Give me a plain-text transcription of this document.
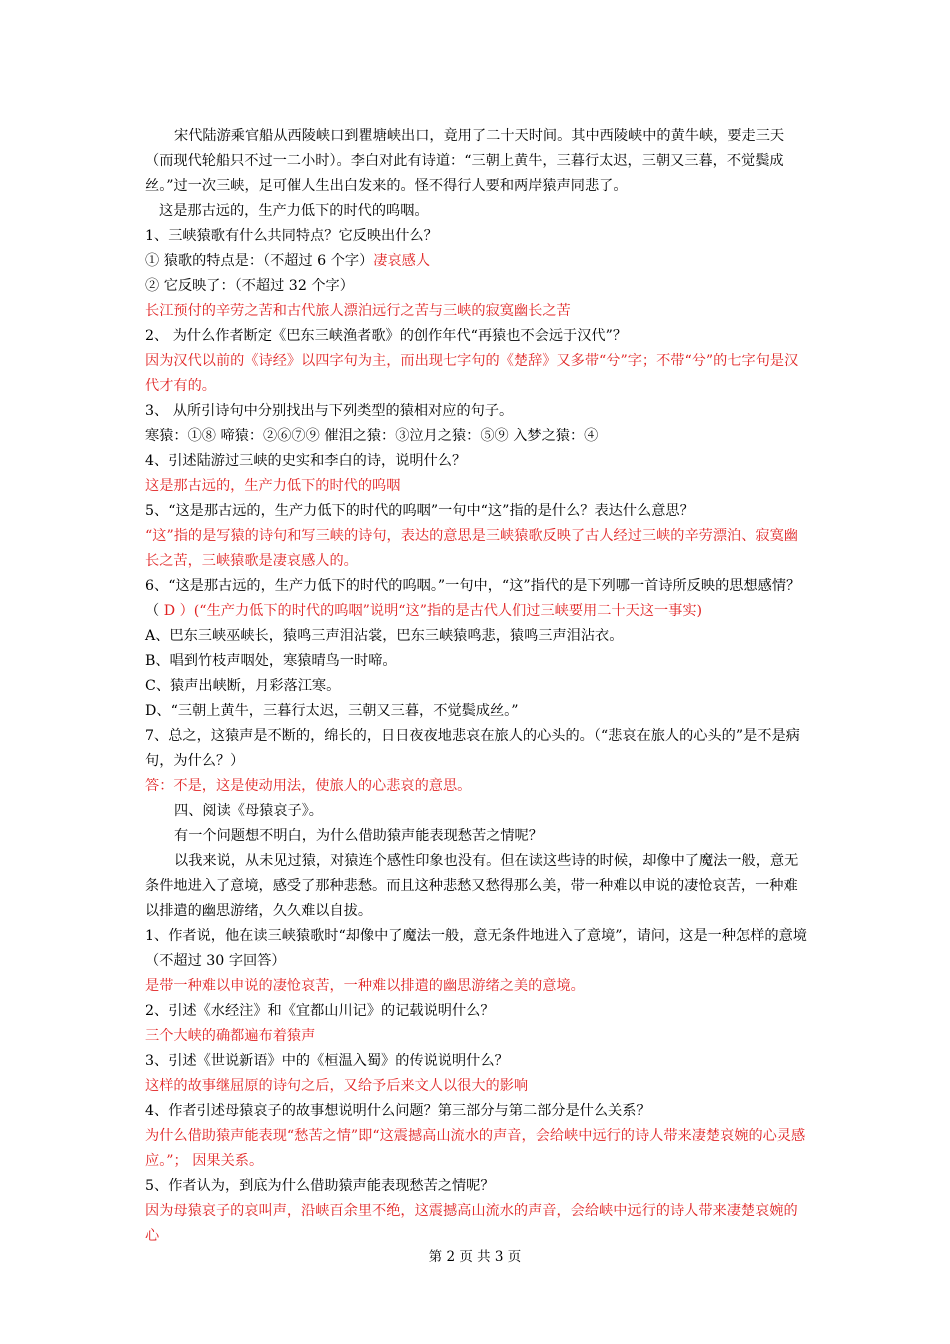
宋代陆游乘官船从西陵峡口到瞿塘峡出口，竟用了二十天时间。其中西陵峡中的黄牛峡，要走三天（而现代轮船只不过一二小时）。李白对此有诗道：“三朝上黄牛，三暮行太迟，三朝又三暮，不觉鬓成丝。”过一次三峡，足可催人生出白发来的。怪不得行人要和两岸猿声同悲了。

这是那古远的，生产力低下的时代的呜咽。

1、三峡猿歌有什么共同特点？它反映出什么？

① 猿歌的特点是：（不超过 6 个字）凄哀感人

② 它反映了：（不超过 32 个字）

长江预付的辛劳之苦和古代旅人漂泊远行之苦与三峡的寂寞幽长之苦

2、 为什么作者断定《巴东三峡渔者歌》的创作年代“再猿也不会远于汉代”？

因为汉代以前的《诗经》以四字句为主，而出现七字句的《楚辞》又多带“兮”字；不带“兮”的七字句是汉代才有的。

3、 从所引诗句中分别找出与下列类型的猿相对应的句子。

寒猿：①⑧ 啼猿：②⑥⑦⑨ 催泪之猿：③泣月之猿：⑤⑨ 入梦之猿：④

4、引述陆游过三峡的史实和李白的诗，说明什么？

这是那古远的，生产力低下的时代的呜咽

5、“这是那古远的，生产力低下的时代的呜咽”一句中“这”指的是什么？表达什么意思？

“这”指的是写猿的诗句和写三峡的诗句，表达的意思是三峡猿歌反映了古人经过三峡的辛劳漂泊、寂寞幽长之苦，三峡猿歌是凄哀感人的。

6、“这是那古远的，生产力低下的时代的呜咽。”一句中，“这”指代的是下列哪一首诗所反映的思想感情？

（ D ）(“生产力低下的时代的呜咽”说明“这”指的是古代人们过三峡要用二十天这一事实)

A、巴东三峡巫峡长，猿鸣三声泪沾裳，巴东三峡猿鸣悲，猿鸣三声泪沾衣。

B、唱到竹枝声咽处，寒猿晴鸟一时啼。

C、猿声出峡断，月彩落江寒。

D、“三朝上黄牛，三暮行太迟，三朝又三暮，不觉鬓成丝。”

7、总之，这猿声是不断的，绵长的，日日夜夜地悲哀在旅人的心头的。（“悲哀在旅人的心头的”是不是病句，为什么？）

答：不是，这是使动用法，使旅人的心悲哀的意思。

四、阅读《母猿哀子》。

有一个问题想不明白，为什么借助猿声能表现愁苦之情呢？

以我来说，从未见过猿，对猿连个感性印象也没有。但在读这些诗的时候，却像中了魔法一般，意无条件地进入了意境，感受了那种悲愁。而且这种悲愁又愁得那么美，带一种难以申说的凄怆哀苦，一种难以排遣的幽思游绪，久久难以自拔。

1、作者说，他在读三峡猿歌时“却像中了魔法一般，意无条件地进入了意境”，请问，这是一种怎样的意境（不超过 30 字回答）

是带一种难以申说的凄怆哀苦，一种难以排遣的幽思游绪之美的意境。

2、引述《水经注》和《宜都山川记》的记载说明什么？

三个大峡的确都遍布着猿声

3、引述《世说新语》中的《桓温入蜀》的传说说明什么？

这样的故事继屈原的诗句之后，又给予后来文人以很大的影响

4、作者引述母猿哀子的故事想说明什么问题？第三部分与第二部分是什么关系？

为什么借助猿声能表现“愁苦之情”即“这震撼高山流水的声音，会给峡中远行的诗人带来凄楚哀婉的心灵感应。”； 因果关系。

5、作者认为，到底为什么借助猿声能表现愁苦之情呢？

因为母猿哀子的哀叫声，沿峡百余里不绝，这震撼高山流水的声音，会给峡中远行的诗人带来凄楚哀婉的心

第 2 页 共 3 页
